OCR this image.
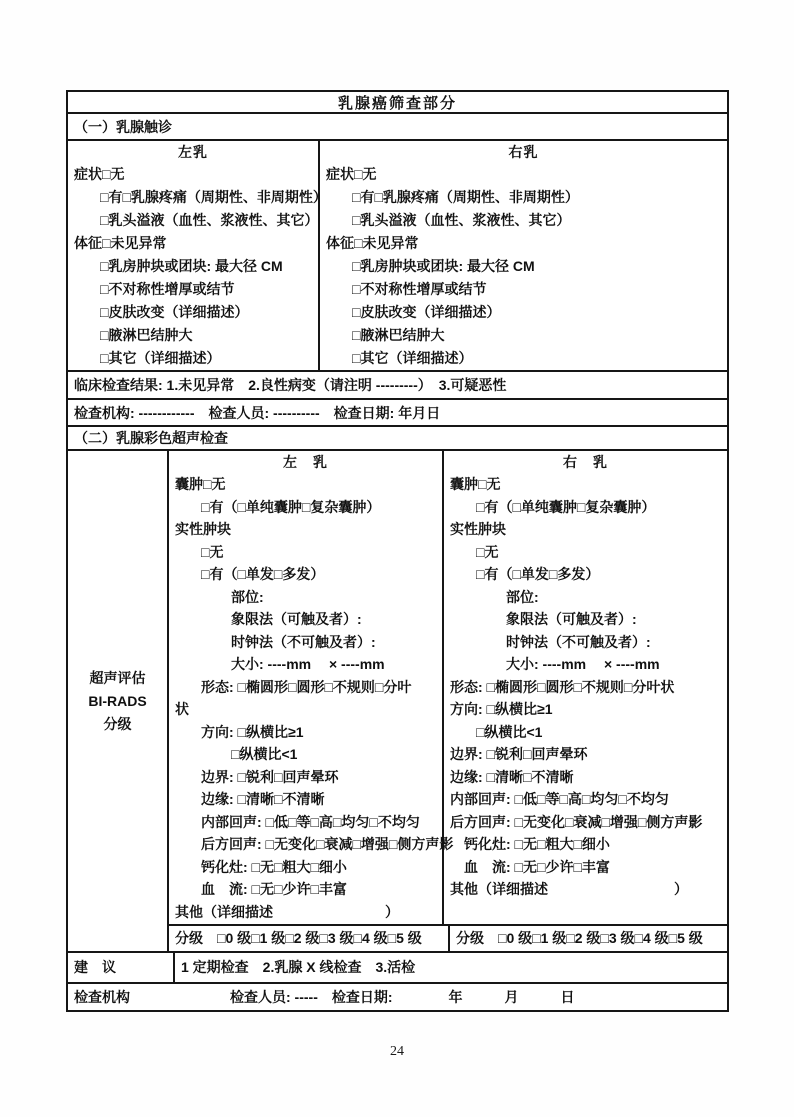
乳腺癌筛查部分
（一）乳腺触诊
左乳
症状□无
□有□乳腺疼痛（周期性、非周期性）
□乳头溢液（血性、浆液性、其它）
体征□未见异常
□乳房肿块或团块: 最大径 CM
□不对称性增厚或结节
□皮肤改变（详细描述）
□腋淋巴结肿大
□其它（详细描述）
右乳
症状□无
□有□乳腺疼痛（周期性、非周期性）
□乳头溢液（血性、浆液性、其它）
体征□未见异常
□乳房肿块或团块: 最大径 CM
□不对称性增厚或结节
□皮肤改变（详细描述）
□腋淋巴结肿大
□其它（详细描述）
临床检查结果: 1.未见异常　2.良性病变（请注明 ---------）　3.可疑恶性
检查机构: ------------　检查人员: ----------　检查日期: 年月日
（二）乳腺彩色超声检查
超声评估
BI-RADS
分级
左　乳
囊肿□无
□有（□单纯囊肿□复杂囊肿）
实性肿块
□无
□有（□单发□多发）
部位:
象限法（可触及者）:
时钟法（不可触及者）:
大小: ----mm　 × ----mm
形态: □椭圆形□圆形□不规则□分叶
状
方向: □纵横比≥1
□纵横比<1
边界: □锐利□回声晕环
边缘: □清晰□不清晰
内部回声: □低□等□高□均匀□不均匀
后方回声: □无变化□衰减□增强□侧方声影
钙化灶: □无□粗大□细小
血　流: □无□少许□丰富
其他（详细描述　　　　　　　　）
右　乳
囊肿□无
□有（□单纯囊肿□复杂囊肿）
实性肿块
□无
□有（□单发□多发）
部位:
象限法（可触及者）:
时钟法（不可触及者）:
大小: ----mm　 × ----mm
形态: □椭圆形□圆形□不规则□分叶状
方向: □纵横比≥1
□纵横比<1
边界: □锐利□回声晕环
边缘: □清晰□不清晰
内部回声: □低□等□高□均匀□不均匀
后方回声: □无变化□衰减□增强□侧方声影
钙化灶: □无□粗大□细小
血　流: □无□少许□丰富
其他（详细描述　　　　　　　　　）
分级　□0 级□1 级□2 级□3 级□4 级□5 级	分级　□0 级□1 级□2 级□3 级□4 级□5 级
建　议	1 定期检查　2.乳腺 X 线检查　3.活检
检查机构	检查人员: -----　检查日期:　　　　年　　　月　　　日
24
